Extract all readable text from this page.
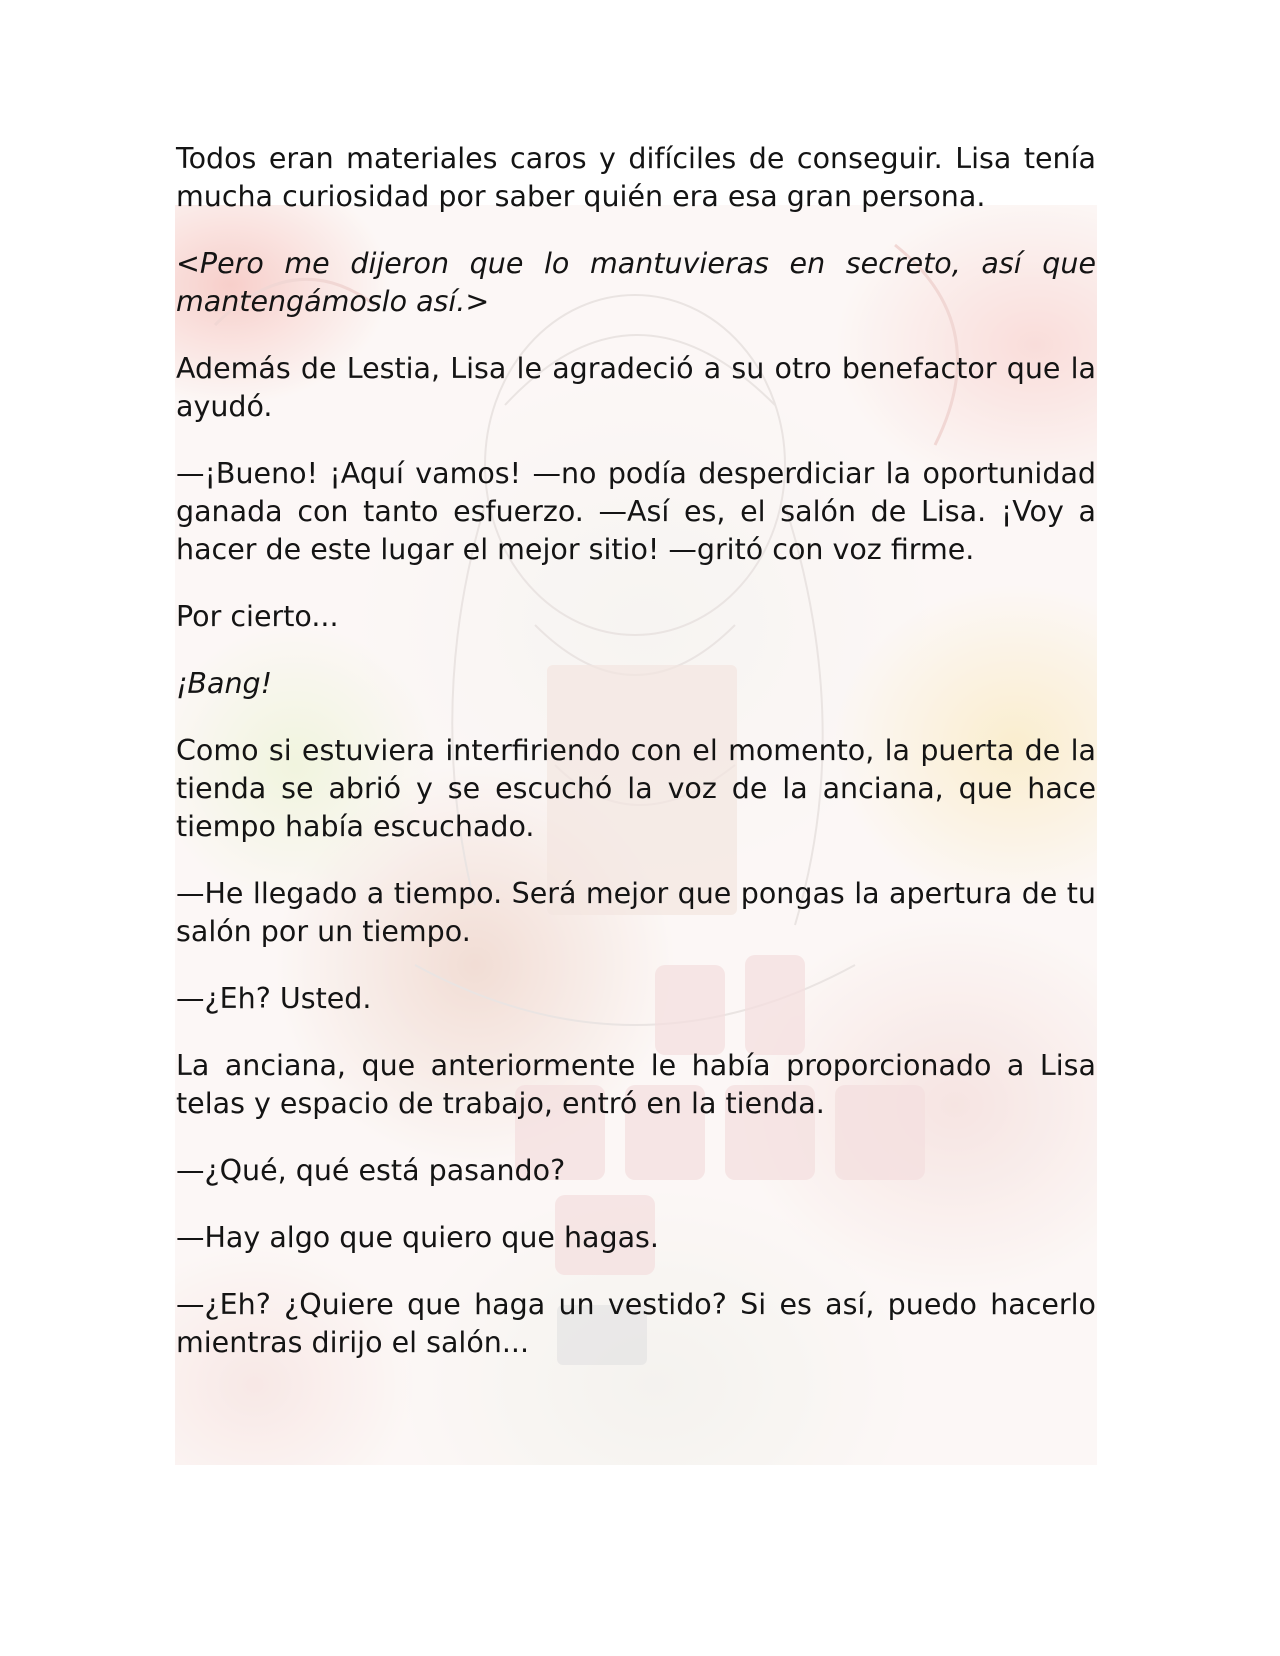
Todos eran materiales caros y difíciles de conseguir. Lisa tenía mucha curiosidad por saber quién era esa gran persona.

<Pero me dijeron que lo mantuvieras en secreto, así que mantengámoslo así.>

Además de Lestia, Lisa le agradeció a su otro benefactor que la ayudó.

—¡Bueno! ¡Aquí vamos! —no podía desperdiciar la oportunidad ganada con tanto esfuerzo. —Así es, el salón de Lisa. ¡Voy a hacer de este lugar el mejor sitio! —gritó con voz firme.

Por cierto...

¡Bang!

Como si estuviera interfiriendo con el momento, la puerta de la tienda se abrió y se escuchó la voz de la anciana, que hace tiempo había escuchado.

—He llegado a tiempo. Será mejor que pongas la apertura de tu salón por un tiempo.

—¿Eh? Usted.

La anciana, que anteriormente le había proporcionado a Lisa telas y espacio de trabajo, entró en la tienda.

—¿Qué, qué está pasando?

—Hay algo que quiero que hagas.

—¿Eh? ¿Quiere que haga un vestido? Si es así, puedo hacerlo mientras dirijo el salón...
